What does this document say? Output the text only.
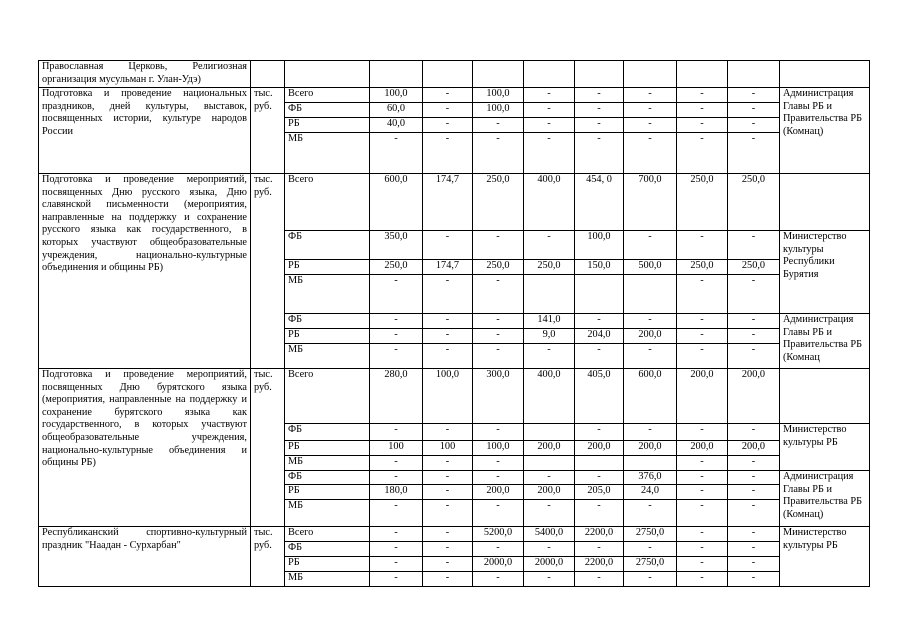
Православная Церковь, Религиозная организация мусульман г. Улан-Удэ)											
Подготовка и проведение национальных праздников, дней культуры, выставок, посвященных истории, культуре народов России	тыс. руб.	Всего	100,0	-	100,0	-	-	-	-	-	Администрация Главы РБ и Правительства РБ (Комнац)
		ФБ	60,0	-	100,0	-	-	-	-	-	
		РБ	40,0	-	-	-	-	-	-	-	
		МБ	-	-	-	-	-	-	-	-	
Подготовка и проведение мероприятий, посвященных Дню русского языка, Дню славянской письменности (мероприятия, направленные на поддержку и сохранение русского языка как государственного, в которых участвуют общеобразовательные учреждения, национально-культурные объединения и общины РБ)	тыс. руб.	Всего	600,0	174,7	250,0	400,0	454, 0	700,0	250,0	250,0	
		ФБ	350,0	-	-	-	100,0	-	-	-	Министерство культуры Республики Бурятия
		РБ	250,0	174,7	250,0	250,0	150,0	500,0	250,0	250,0	
		МБ	-	-	-				-	-	
		ФБ	-	-	-	141,0	-	-	-	-	Администрация Главы РБ и Правительства РБ (Комнац
		РБ	-	-	-	9,0	204,0	200,0	-	-	
		МБ	-	-	-	-	-	-	-	-	
Подготовка и проведение мероприятий, посвященных Дню бурятского языка (мероприятия, направленные на поддержку и сохранение бурятского языка как государственного, в которых участвуют общеобразовательные учреждения, национально-культурные объединения и общины РБ)	тыс. руб.	Всего	280,0	100,0	300,0	400,0	405,0	600,0	200,0	200,0	
		ФБ	-	-	-		-	-	-	-	Министерство культуры РБ
		РБ	100	100	100,0	200,0	200,0	200,0	200,0	200,0	
		МБ	-	-	-				-	-	
		ФБ	-	-	-	-	-	376,0	-	-	Администрация Главы РБ и Правительства РБ (Комнац)
		РБ	180,0	-	200,0	200,0	205,0	24,0	-	-	
		МБ	-	-	-	-	-	-	-	-	
Республиканский спортивно-культурный праздник "Наадан - Сурхарбан"	тыс. руб.	Всего	-	-	5200,0	5400,0	2200,0	2750,0	-	-	Министерство культуры РБ
		ФБ	-	-	-	-	-	-	-	-	
		РБ	-	-	2000,0	2000,0	2200,0	2750,0	-	-	
		МБ	-	-	-	-	-	-	-	-	
